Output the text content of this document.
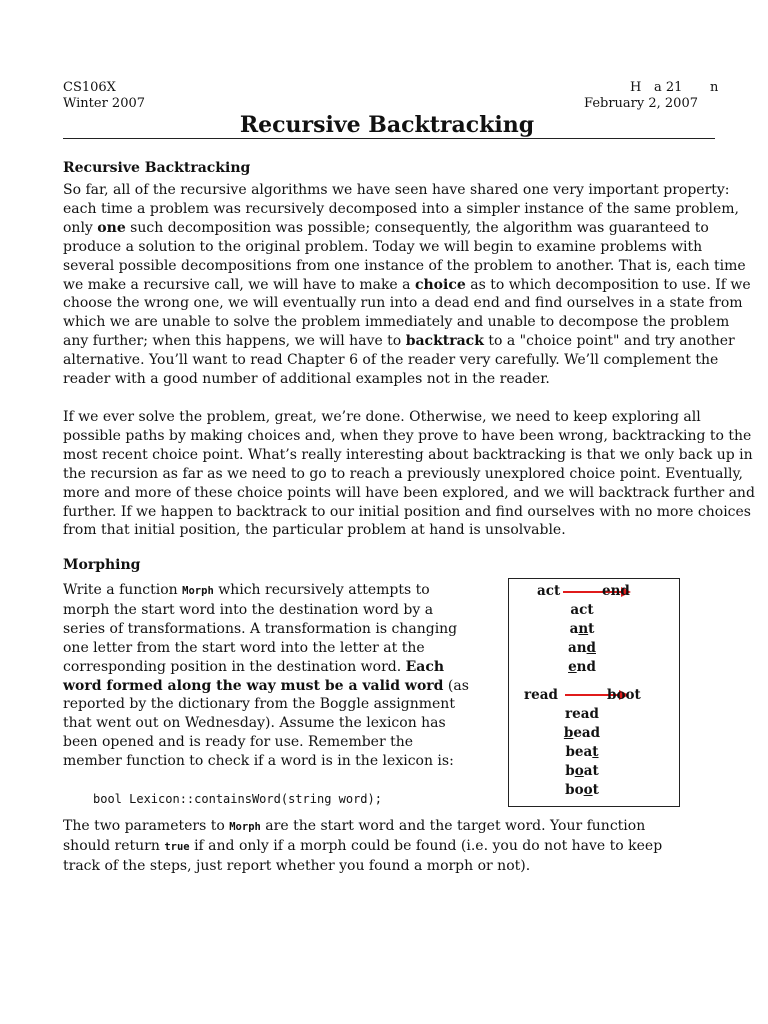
CS106X
Winter 2007
H a 21 n
February 2, 2007
Recursive Backtracking
Recursive Backtracking
So far, all of the recursive algorithms we have seen have shared one very important property:
each time a problem was recursively decomposed into a simpler instance of the same problem,
only one such decomposition was possible; consequently, the algorithm was guaranteed to
produce a solution to the original problem. Today we will begin to examine problems with
several possible decompositions from one instance of the problem to another. That is, each time
we make a recursive call, we will have to make a choice as to which decomposition to use. If we
choose the wrong one, we will eventually run into a dead end and find ourselves in a state from
which we are unable to solve the problem immediately and unable to decompose the problem
any further; when this happens, we will have to backtrack to a "choice point" and try another
alternative. You’ll want to read Chapter 6 of the reader very carefully. We’ll complement the
reader with a good number of additional examples not in the reader.
If we ever solve the problem, great, we’re done. Otherwise, we need to keep exploring all
possible paths by making choices and, when they prove to have been wrong, backtracking to the
most recent choice point. What’s really interesting about backtracking is that we only back up in
the recursion as far as we need to go to reach a previously unexplored choice point. Eventually,
more and more of these choice points will have been explored, and we will backtrack further and
further. If we happen to backtrack to our initial position and find ourselves with no more choices
from that initial position, the particular problem at hand is unsolvable.
Morphing
Write a function Morph which recursively attempts to
morph the start word into the destination word by a
series of transformations. A transformation is changing
one letter from the start word into the letter at the
corresponding position in the destination word. Each
word formed along the way must be a valid word (as
reported by the dictionary from the Boggle assignment
that went out on Wednesday). Assume the lexicon has
been opened and is ready for use. Remember the
member function to check if a word is in the lexicon is:
bool Lexicon::containsWord(string word);
The two parameters to Morph are the start word and the target word. Your function
should return true if and only if a morph could be found (i.e. you do not have to keep
track of the steps, just report whether you found a morph or not).
act	end
read	boot
act
ant
and
end
read
bead
beat
boat
boot
